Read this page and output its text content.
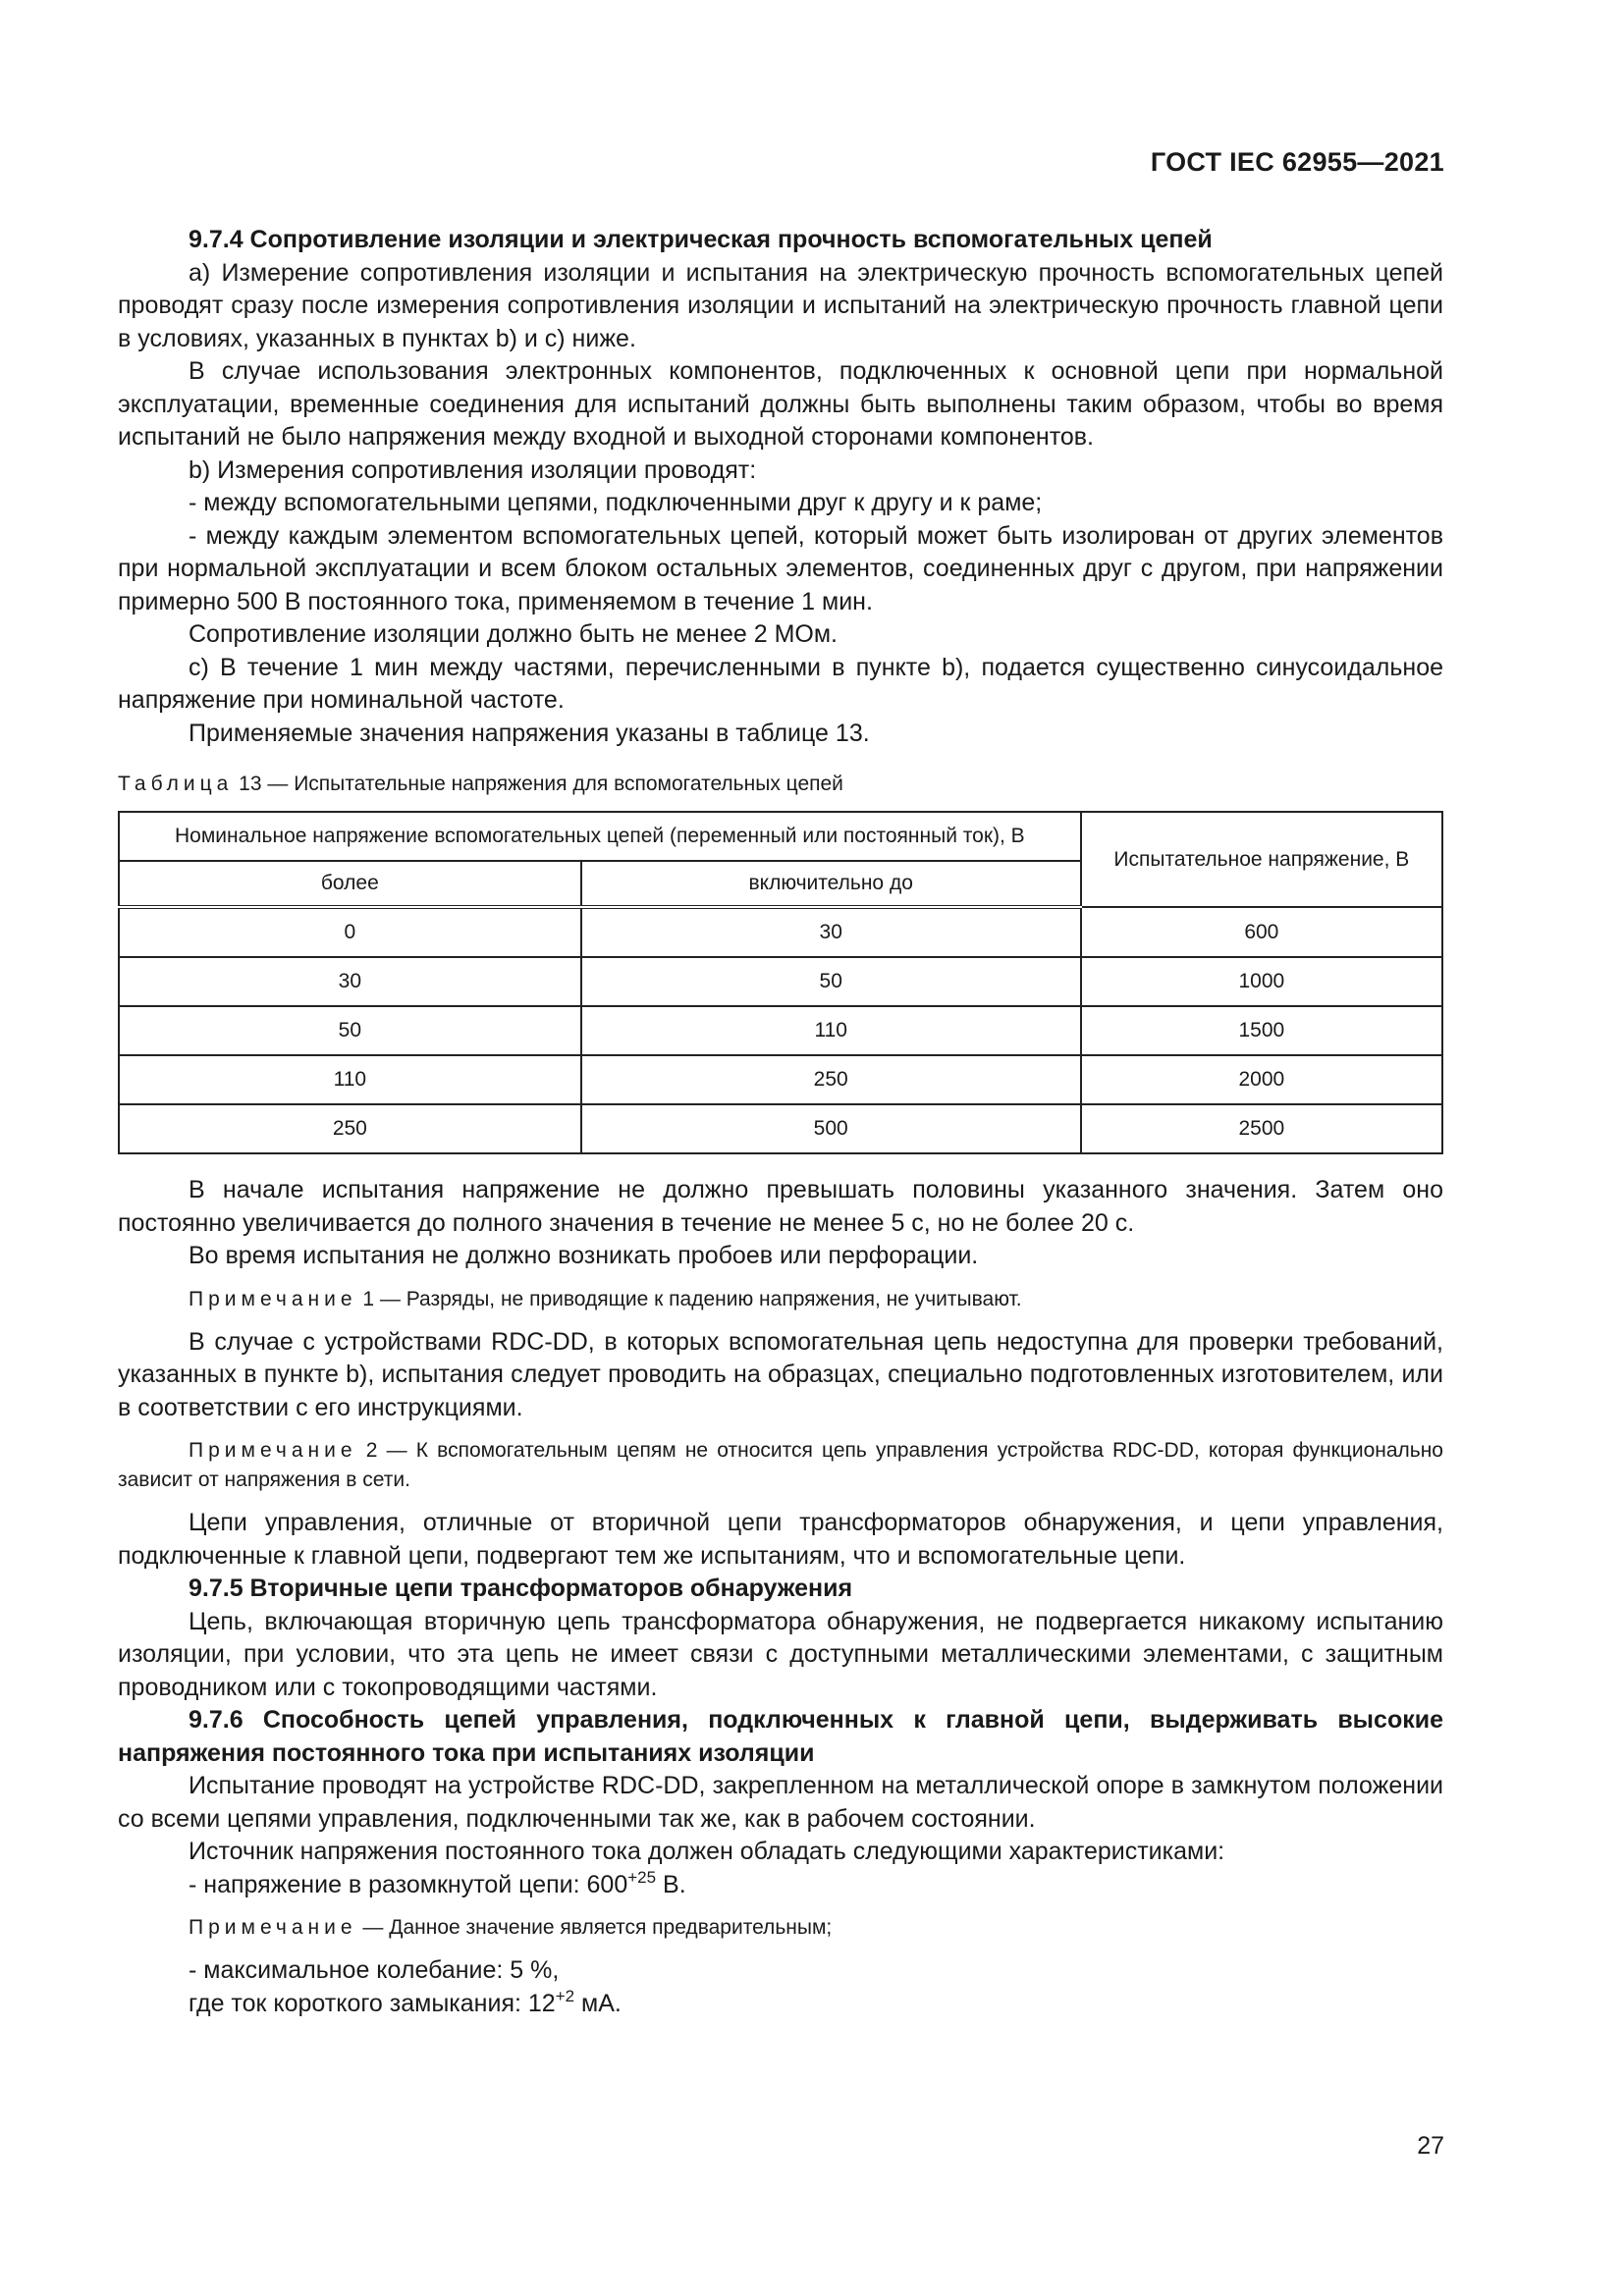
ГОСТ IEC 62955—2021

9.7.4 Сопротивление изоляции и электрическая прочность вспомогательных цепей

a) Измерение сопротивления изоляции и испытания на электрическую прочность вспомогательных цепей проводят сразу после измерения сопротивления изоляции и испытаний на электрическую прочность главной цепи в условиях, указанных в пунктах b) и c) ниже.

В случае использования электронных компонентов, подключенных к основной цепи при нормальной эксплуатации, временные соединения для испытаний должны быть выполнены таким образом, чтобы во время испытаний не было напряжения между входной и выходной сторонами компонентов.

b) Измерения сопротивления изоляции проводят:

- между вспомогательными цепями, подключенными друг к другу и к раме;

- между каждым элементом вспомогательных цепей, который может быть изолирован от других элементов при нормальной эксплуатации и всем блоком остальных элементов, соединенных друг с другом, при напряжении примерно 500 В постоянного тока, применяемом в течение 1 мин.

Сопротивление изоляции должно быть не менее 2 МОм.

c) В течение 1 мин между частями, перечисленными в пункте b), подается существенно синусоидальное напряжение при номинальной частоте.

Применяемые значения напряжения указаны в таблице 13.

Таблица 13 — Испытательные напряжения для вспомогательных цепей

Номинальное напряжение вспомогательных цепей (переменный или постоянный ток), В		Испытательное напряжение, В
более	включительно до	
0	30	600
30	50	1000
50	110	1500
110	250	2000
250	500	2500

В начале испытания напряжение не должно превышать половины указанного значения. Затем оно постоянно увеличивается до полного значения в течение не менее 5 с, но не более 20 с.

Во время испытания не должно возникать пробоев или перфорации.

Примечание 1 — Разряды, не приводящие к падению напряжения, не учитывают.

В случае с устройствами RDC-DD, в которых вспомогательная цепь недоступна для проверки требований, указанных в пункте b), испытания следует проводить на образцах, специально подготовленных изготовителем, или в соответствии с его инструкциями.

Примечание 2 — К вспомогательным цепям не относится цепь управления устройства RDC-DD, которая функционально зависит от напряжения в сети.

Цепи управления, отличные от вторичной цепи трансформаторов обнаружения, и цепи управления, подключенные к главной цепи, подвергают тем же испытаниям, что и вспомогательные цепи.

9.7.5 Вторичные цепи трансформаторов обнаружения

Цепь, включающая вторичную цепь трансформатора обнаружения, не подвергается никакому испытанию изоляции, при условии, что эта цепь не имеет связи с доступными металлическими элементами, с защитным проводником или с токопроводящими частями.

9.7.6 Способность цепей управления, подключенных к главной цепи, выдерживать высокие напряжения постоянного тока при испытаниях изоляции

Испытание проводят на устройстве RDC-DD, закрепленном на металлической опоре в замкнутом положении со всеми цепями управления, подключенными так же, как в рабочем состоянии.

Источник напряжения постоянного тока должен обладать следующими характеристиками:

- напряжение в разомкнутой цепи: $600^{+25}$ В.

Примечание — Данное значение является предварительным;

- максимальное колебание: 5 %,

где ток короткого замыкания: $12^{+2}$ мА.

27
